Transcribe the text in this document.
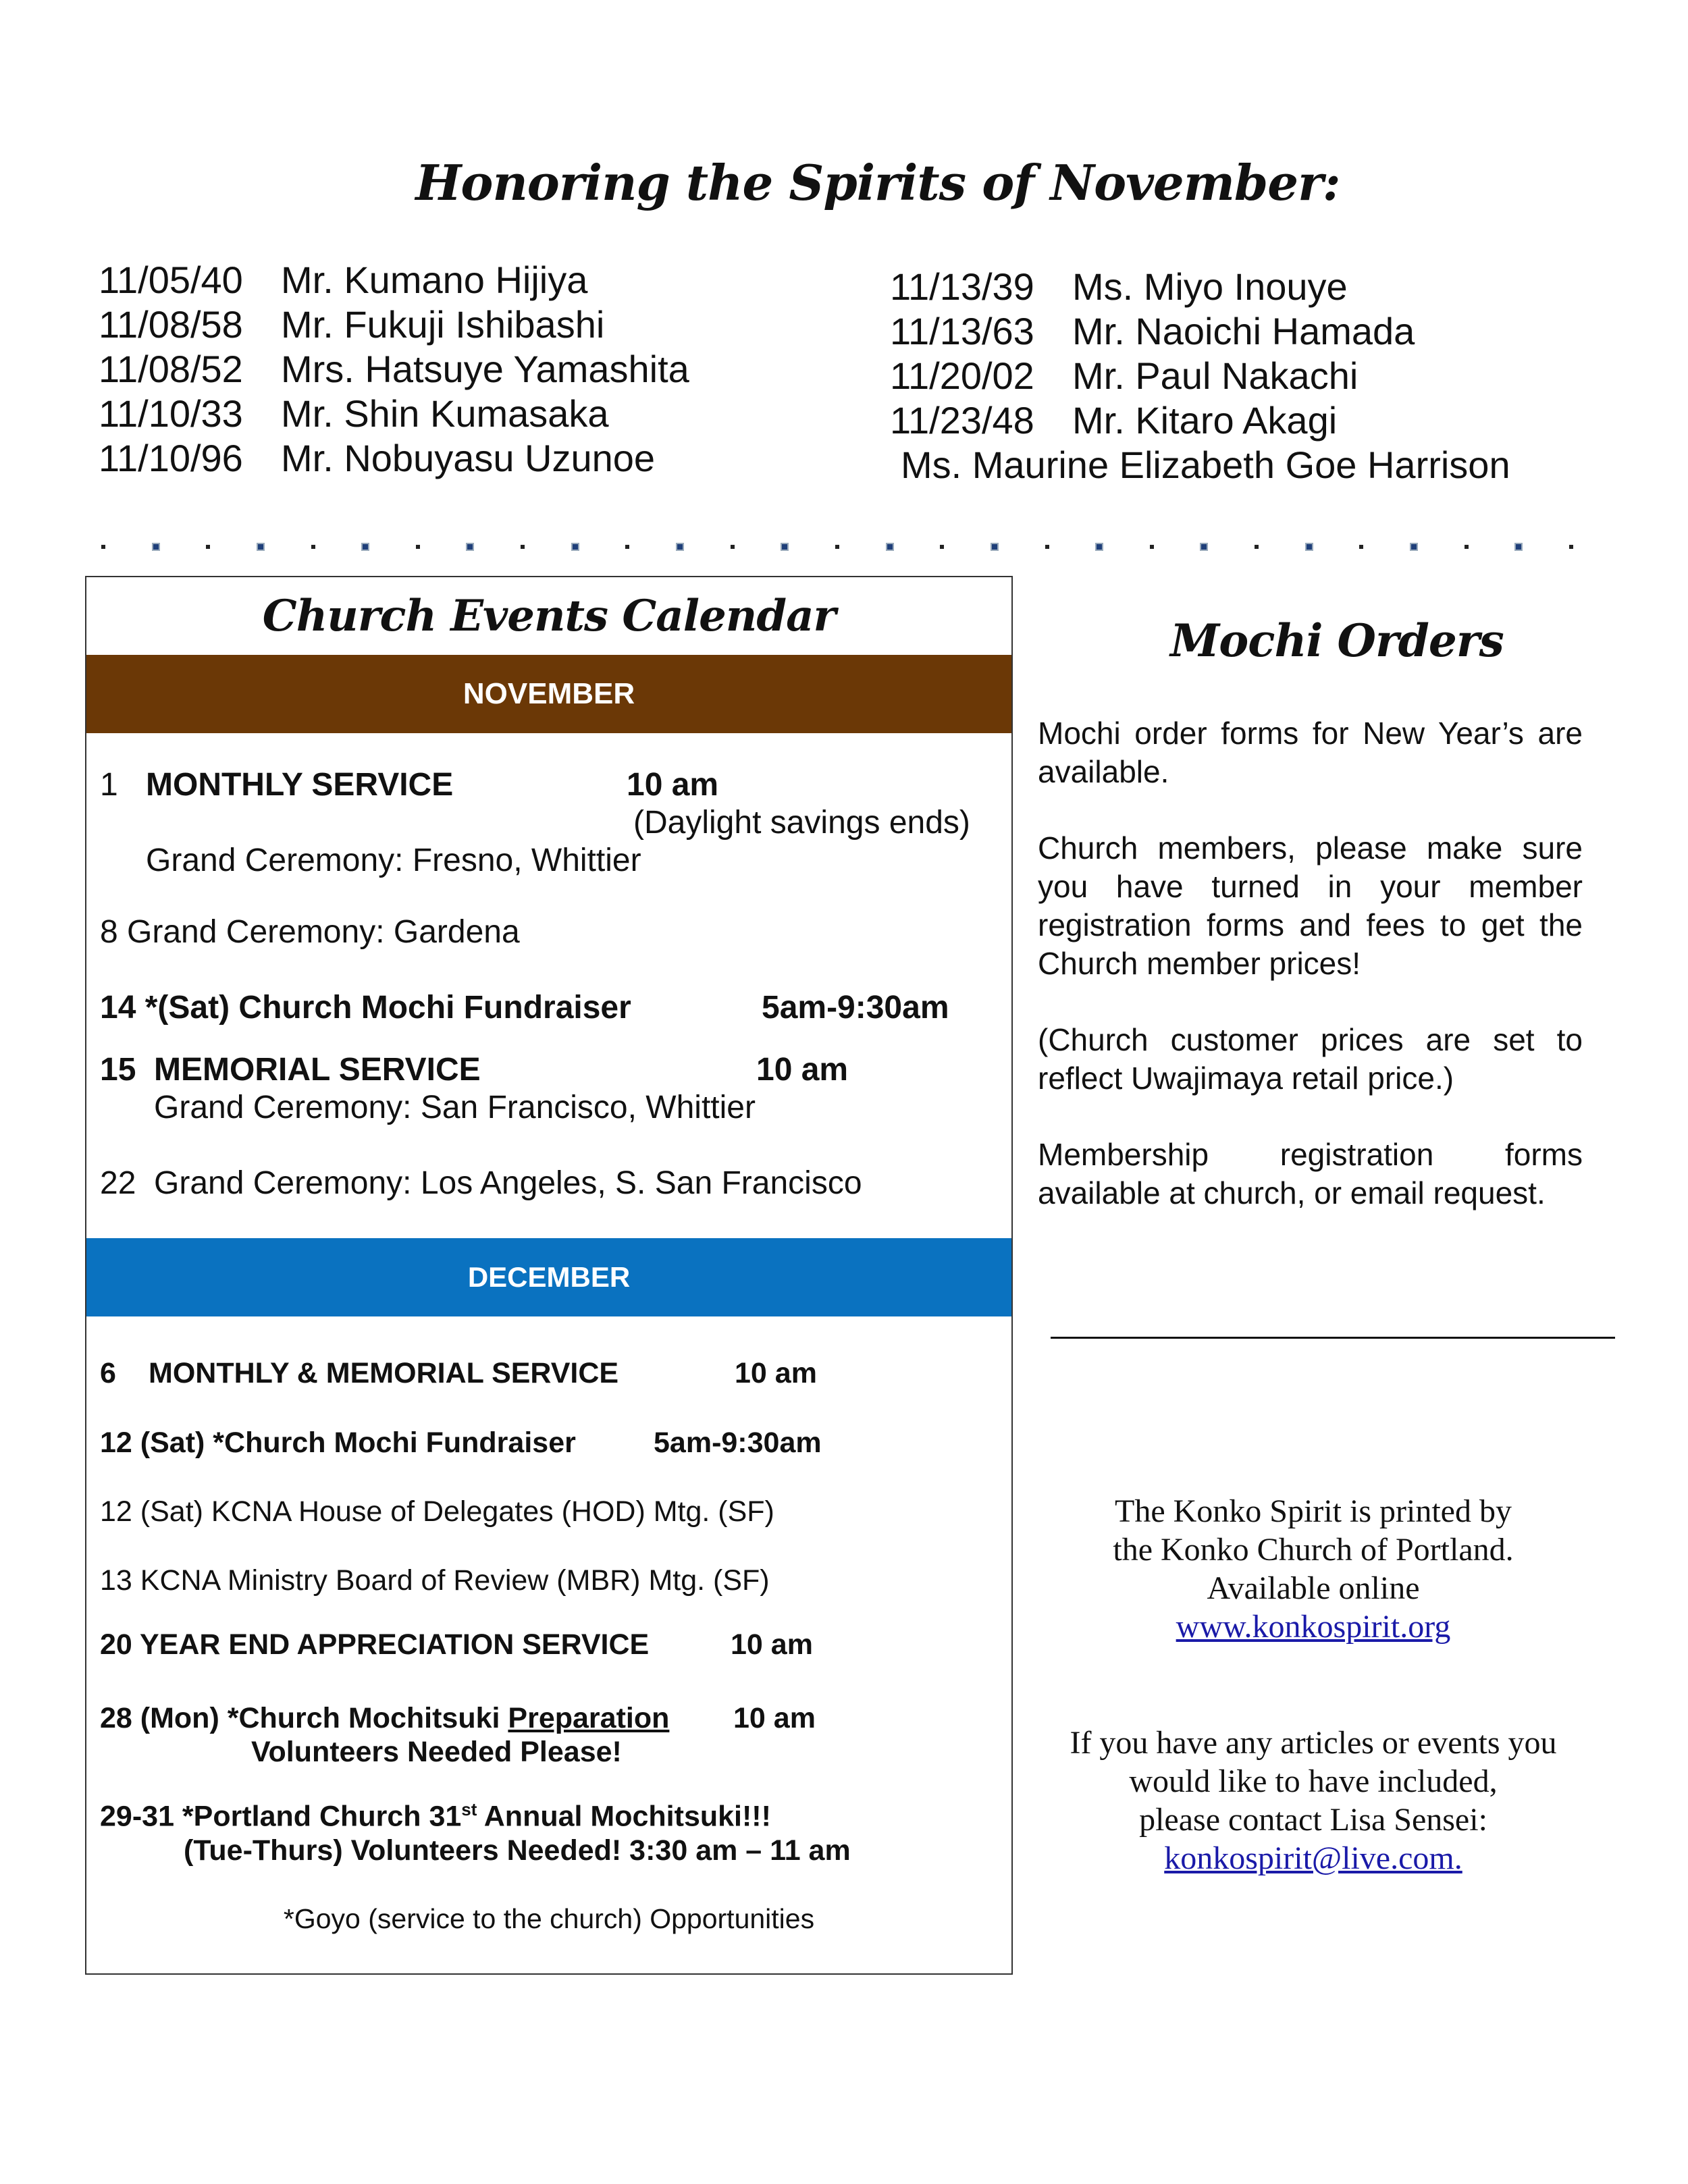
Honoring the Spirits of November:
11/05/40 Mr. Kumano Hijiya
11/08/58 Mr. Fukuji Ishibashi
11/08/52 Mrs. Hatsuye Yamashita
11/10/33 Mr. Shin Kumasaka
11/10/96 Mr. Nobuyasu Uzunoe
11/13/39 Ms. Miyo Inouye
11/13/63 Mr. Naoichi Hamada
11/20/02 Mr. Paul Nakachi
11/23/48 Mr. Kitaro Akagi
Ms. Maurine Elizabeth Goe Harrison
Church Events Calendar
NOVEMBER
1 MONTHLY SERVICE	10 am
(Daylight savings ends)
Grand Ceremony: Fresno, Whittier
8 Grand Ceremony: Gardena
14 *(Sat) Church Mochi Fundraiser	5am-9:30am
15 MEMORIAL SERVICE	10 am
Grand Ceremony: San Francisco, Whittier
22 Grand Ceremony: Los Angeles, S. San Francisco
DECEMBER
6 MONTHLY & MEMORIAL SERVICE	10 am
12 (Sat) *Church Mochi Fundraiser	5am-9:30am
12 (Sat) KCNA House of Delegates (HOD) Mtg. (SF)
13 KCNA Ministry Board of Review (MBR) Mtg. (SF)
20 YEAR END APPRECIATION SERVICE	10 am
28 (Mon) *Church Mochitsuki Preparation 10 am
Volunteers Needed Please!
29-31 *Portland Church 31st Annual Mochitsuki!!!
(Tue-Thurs) Volunteers Needed! 3:30 am – 11 am
*Goyo (service to the church) Opportunities
Mochi Orders
Mochi order forms for New Year’s are available.
Church members, please make sure you have turned in your member registration forms and fees to get the Church member prices!
(Church customer prices are set to reflect Uwajimaya retail price.)
Membership registration forms
available at church, or email request.
The Konko Spirit is printed by
the Konko Church of Portland.
Available online
www.konkospirit.org
If you have any articles or events you
would like to have included,
please contact Lisa Sensei:
konkospirit@live.com.
